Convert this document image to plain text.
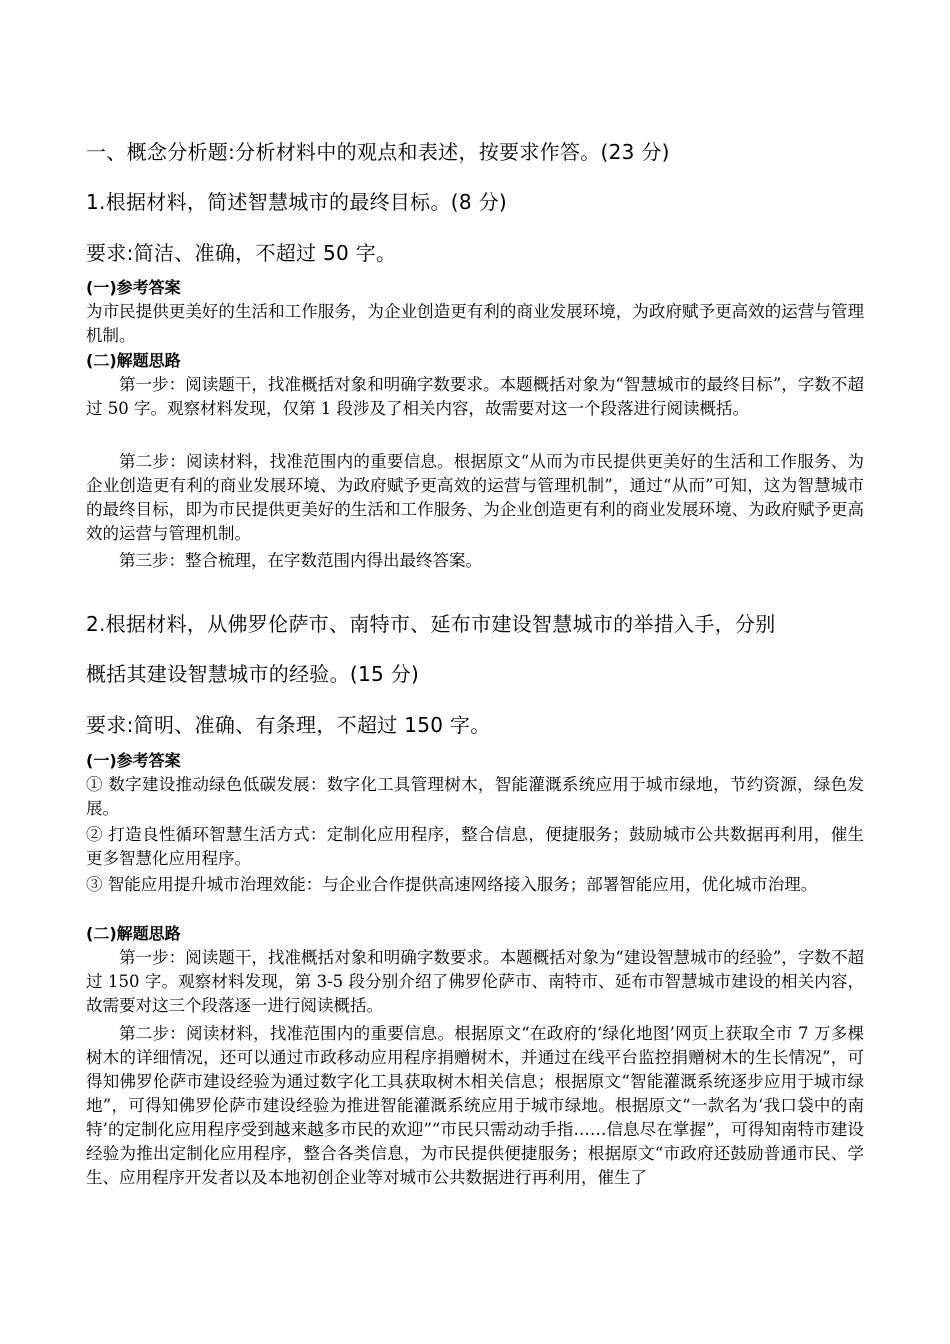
一、概念分析题:分析材料中的观点和表述，按要求作答。(23 分)
1.根据材料，简述智慧城市的最终目标。(8 分)
要求:简洁、准确，不超过 50 字。
(一)参考答案

为市民提供更美好的生活和工作服务，为企业创造更有利的商业发展环境，为政府赋予更高效的运营与管理机制。

(二)解题思路

第一步：阅读题干，找准概括对象和明确字数要求。本题概括对象为“智慧城市的最终目标”，字数不超过 50 字。观察材料发现，仅第 1 段涉及了相关内容，故需要对这一个段落进行阅读概括。

第二步：阅读材料，找准范围内的重要信息。根据原文“从而为市民提供更美好的生活和工作服务、为企业创造更有利的商业发展环境、为政府赋予更高效的运营与管理机制”，通过“从而”可知，这为智慧城市的最终目标，即为市民提供更美好的生活和工作服务、为企业创造更有利的商业发展环境、为政府赋予更高效的运营与管理机制。

第三步：整合梳理，在字数范围内得出最终答案。

2.根据材料，从佛罗伦萨市、南特市、延布市建设智慧城市的举措入手，分别
概括其建设智慧城市的经验。(15 分)
要求:简明、准确、有条理，不超过 150 字。
(一)参考答案

① 数字建设推动绿色低碳发展：数字化工具管理树木，智能灌溉系统应用于城市绿地，节约资源，绿色发展。

② 打造良性循环智慧生活方式：定制化应用程序，整合信息，便捷服务；鼓励城市公共数据再利用，催生更多智慧化应用程序。

③ 智能应用提升城市治理效能：与企业合作提供高速网络接入服务；部署智能应用，优化城市治理。

(二)解题思路

第一步：阅读题干，找准概括对象和明确字数要求。本题概括对象为“建设智慧城市的经验”，字数不超过 150 字。观察材料发现，第 3-5 段分别介绍了佛罗伦萨市、南特市、延布市智慧城市建设的相关内容，故需要对这三个段落逐一进行阅读概括。

第二步：阅读材料，找准范围内的重要信息。根据原文“在政府的‘绿化地图’网页上获取全市 7 万多棵树木的详细情况，还可以通过市政移动应用程序捐赠树木，并通过在线平台监控捐赠树木的生长情况”，可得知佛罗伦萨市建设经验为通过数字化工具获取树木相关信息；根据原文“智能灌溉系统逐步应用于城市绿地”，可得知佛罗伦萨市建设经验为推进智能灌溉系统应用于城市绿地。根据原文“一款名为‘我口袋中的南特’的定制化应用程序受到越来越多市民的欢迎”“市民只需动动手指……信息尽在掌握”，可得知南特市建设经验为推出定制化应用程序，整合各类信息，为市民提供便捷服务；根据原文“市政府还鼓励普通市民、学生、应用程序开发者以及本地初创企业等对城市公共数据进行再利用，催生了
